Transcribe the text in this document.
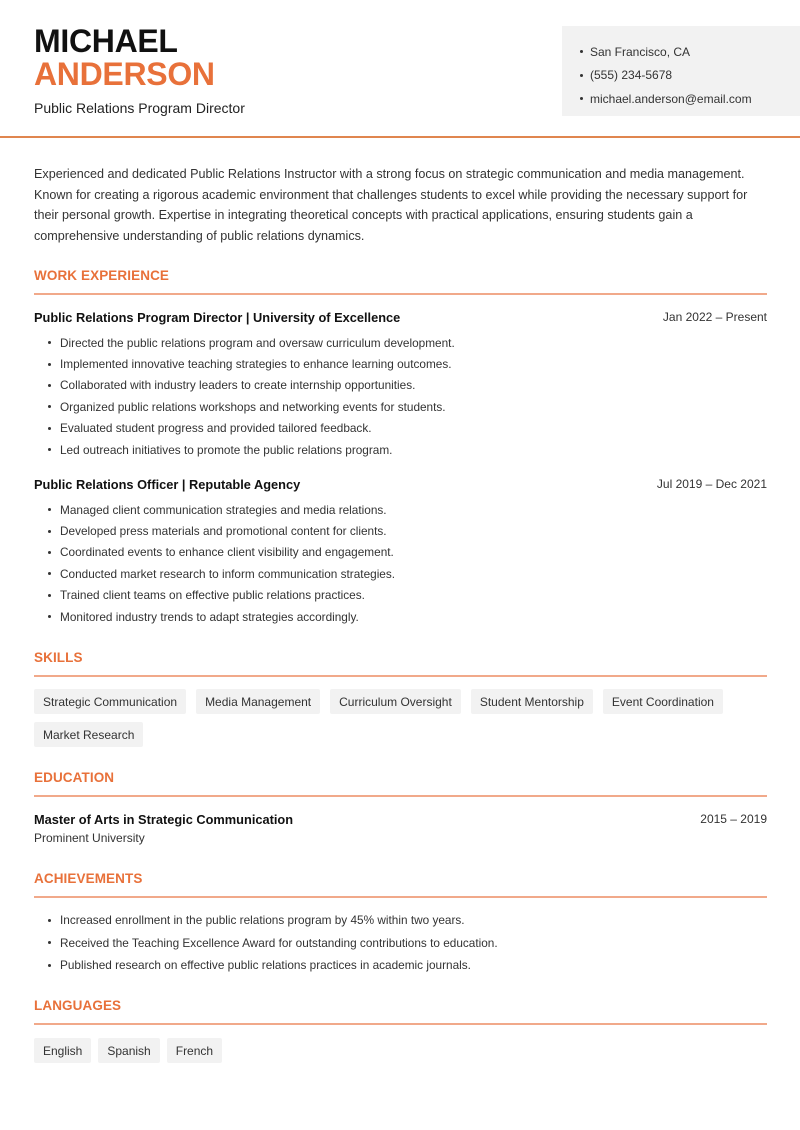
MICHAEL
ANDERSON
Public Relations Program Director
San Francisco, CA
(555) 234-5678
michael.anderson@email.com

Experienced and dedicated Public Relations Instructor with a strong focus on strategic communication and media management. Known for creating a rigorous academic environment that challenges students to excel while providing the necessary support for their personal growth. Expertise in integrating theoretical concepts with practical applications, ensuring students gain a comprehensive understanding of public relations dynamics.

WORK EXPERIENCE
Public Relations Program Director | University of Excellence	Jan 2022 – Present
Directed the public relations program and oversaw curriculum development.
Implemented innovative teaching strategies to enhance learning outcomes.
Collaborated with industry leaders to create internship opportunities.
Organized public relations workshops and networking events for students.
Evaluated student progress and provided tailored feedback.
Led outreach initiatives to promote the public relations program.
Public Relations Officer | Reputable Agency	Jul 2019 – Dec 2021
Managed client communication strategies and media relations.
Developed press materials and promotional content for clients.
Coordinated events to enhance client visibility and engagement.
Conducted market research to inform communication strategies.
Trained client teams on effective public relations practices.
Monitored industry trends to adapt strategies accordingly.
SKILLS
Strategic Communication	Media Management	Curriculum Oversight	Student Mentorship	Event Coordination
Market Research
EDUCATION
Master of Arts in Strategic Communication	2015 – 2019
Prominent University
ACHIEVEMENTS
Increased enrollment in the public relations program by 45% within two years.
Received the Teaching Excellence Award for outstanding contributions to education.
Published research on effective public relations practices in academic journals.
LANGUAGES
English	Spanish	French
